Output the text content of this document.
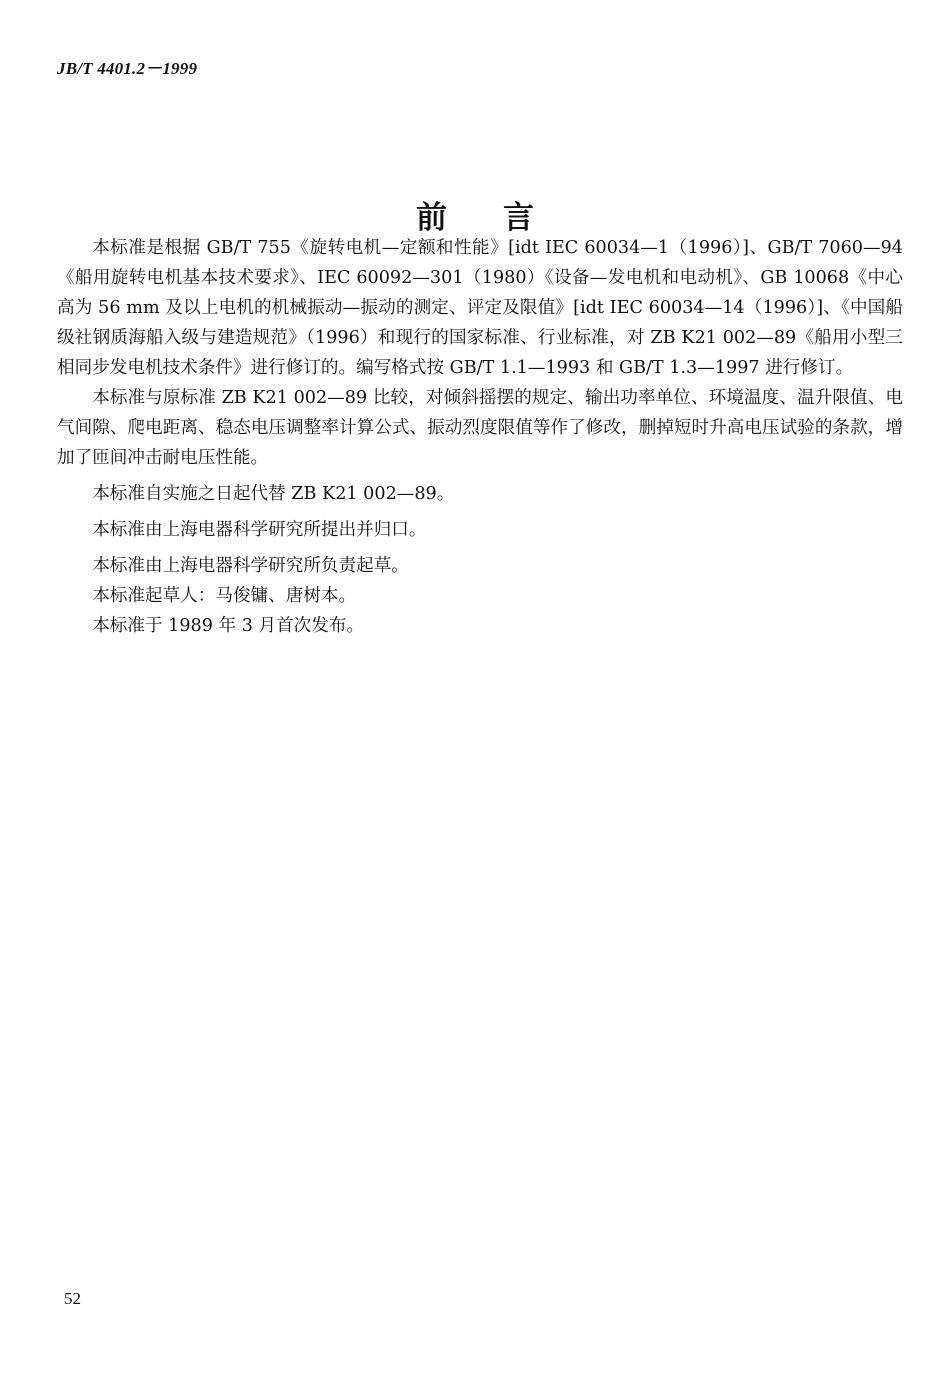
JB/T 4401.2－1999
前言

本标准是根据 GB/T 755《旋转电机—定额和性能》[idt IEC 60034—1（1996）]、GB/T 7060—94《船用旋转电机基本技术要求》、IEC 60092—301（1980）《设备—发电机和电动机》、GB 10068《中心高为 56 mm 及以上电机的机械振动—振动的测定、评定及限值》[idt IEC 60034—14（1996）]、《中国船级社钢质海船入级与建造规范》（1996）和现行的国家标准、行业标准，对 ZB K21 002—89《船用小型三相同步发电机技术条件》进行修订的。编写格式按 GB/T 1.1—1993 和 GB/T 1.3—1997 进行修订。

本标准与原标准 ZB K21 002—89 比较，对倾斜摇摆的规定、输出功率单位、环境温度、温升限值、电气间隙、爬电距离、稳态电压调整率计算公式、振动烈度限值等作了修改，删掉短时升高电压试验的条款，增加了匝间冲击耐电压性能。

本标准自实施之日起代替 ZB K21 002—89。

本标准由上海电器科学研究所提出并归口。

本标准由上海电器科学研究所负责起草。

本标准起草人：马俊镛、唐树本。

本标准于 1989 年 3 月首次发布。

52
